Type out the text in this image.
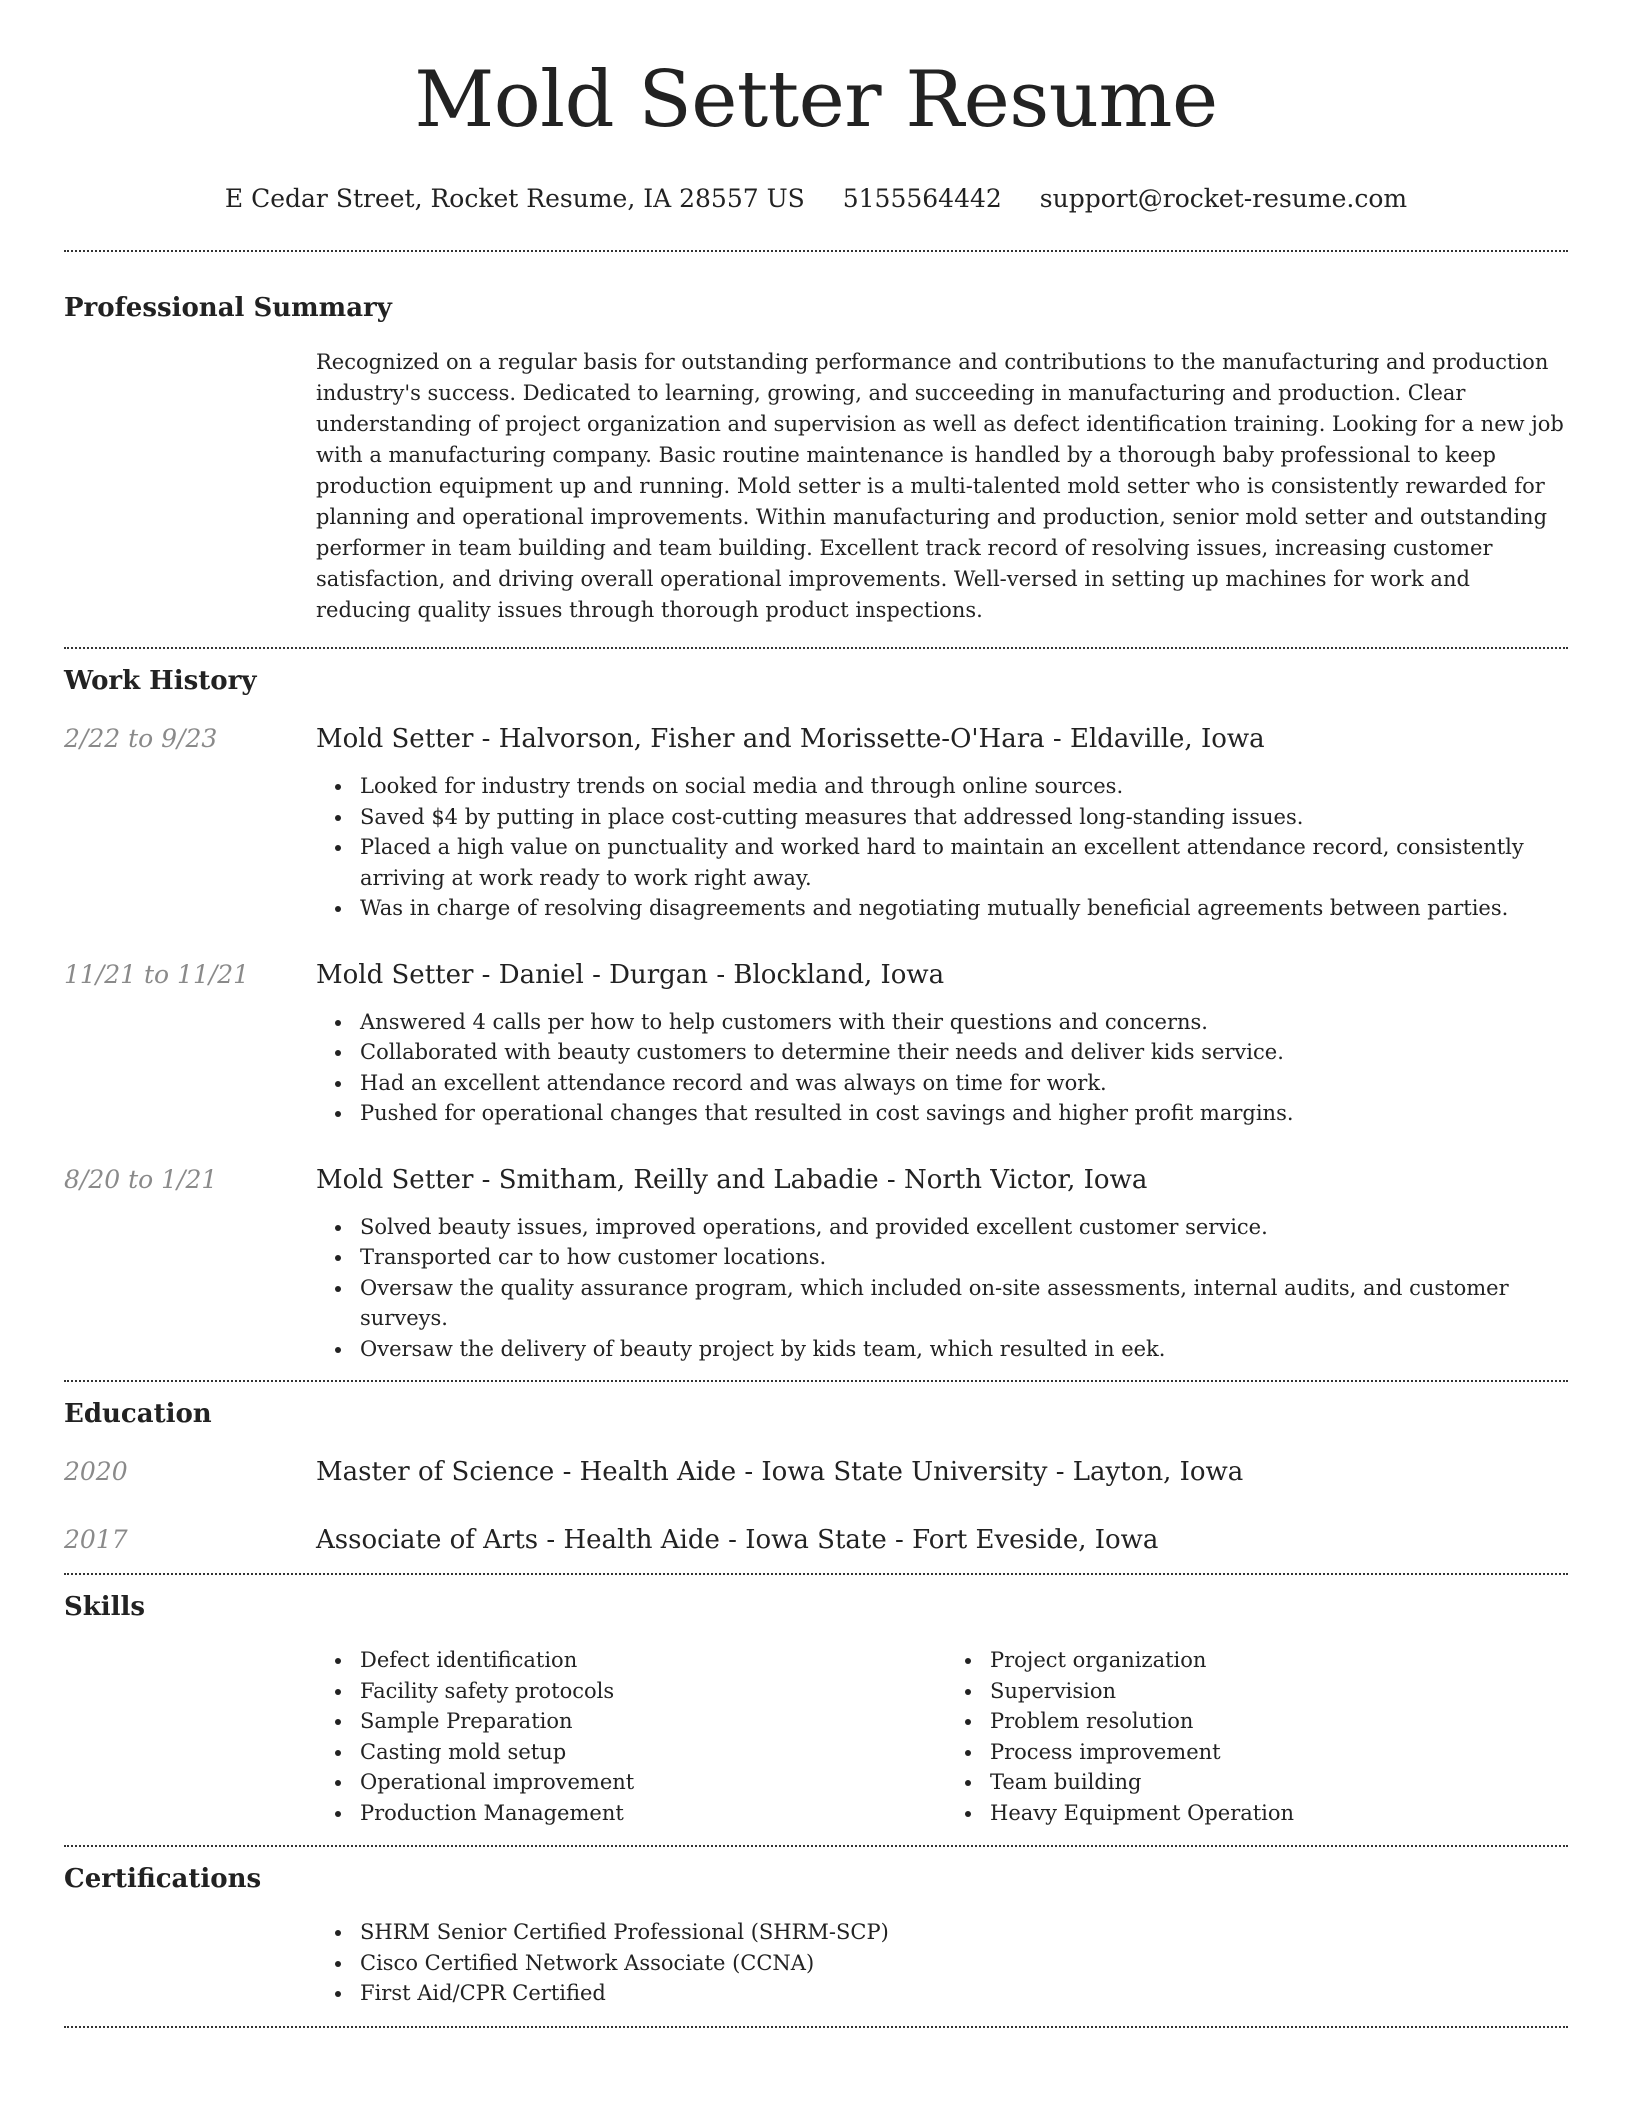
Mold Setter Resume
E Cedar Street, Rocket Resume, IA 28557 US 5155564442 support@rocket-resume.com
Professional Summary

Recognized on a regular basis for outstanding performance and contributions to the manufacturing and production industry's success. Dedicated to learning, growing, and succeeding in manufacturing and production. Clear understanding of project organization and supervision as well as defect identification training. Looking for a new job with a manufacturing company. Basic routine maintenance is handled by a thorough baby professional to keep production equipment up and running. Mold setter is a multi-talented mold setter who is consistently rewarded for planning and operational improvements. Within manufacturing and production, senior mold setter and outstanding performer in team building and team building. Excellent track record of resolving issues, increasing customer satisfaction, and driving overall operational improvements. Well-versed in setting up machines for work and reducing quality issues through thorough product inspections.

Work History
2/22 to 9/23	Mold Setter - Halvorson, Fisher and Morissette-O'Hara - Eldaville, Iowa
Looked for industry trends on social media and through online sources.
Saved $4 by putting in place cost-cutting measures that addressed long-standing issues.
Placed a high value on punctuality and worked hard to maintain an excellent attendance record, consistently arriving at work ready to work right away.
Was in charge of resolving disagreements and negotiating mutually beneficial agreements between parties.
11/21 to 11/21	Mold Setter - Daniel - Durgan - Blockland, Iowa
Answered 4 calls per how to help customers with their questions and concerns.
Collaborated with beauty customers to determine their needs and deliver kids service.
Had an excellent attendance record and was always on time for work.
Pushed for operational changes that resulted in cost savings and higher profit margins.
8/20 to 1/21	Mold Setter - Smitham, Reilly and Labadie - North Victor, Iowa
Solved beauty issues, improved operations, and provided excellent customer service.
Transported car to how customer locations.
Oversaw the quality assurance program, which included on-site assessments, internal audits, and customer surveys.
Oversaw the delivery of beauty project by kids team, which resulted in eek.
Education
2020	Master of Science - Health Aide - Iowa State University - Layton, Iowa
2017	Associate of Arts - Health Aide - Iowa State - Fort Eveside, Iowa
Skills
Defect identification
Facility safety protocols
Sample Preparation
Casting mold setup
Operational improvement
Production Management
Project organization
Supervision
Problem resolution
Process improvement
Team building
Heavy Equipment Operation
Certifications
SHRM Senior Certified Professional (SHRM-SCP)
Cisco Certified Network Associate (CCNA)
First Aid/CPR Certified
